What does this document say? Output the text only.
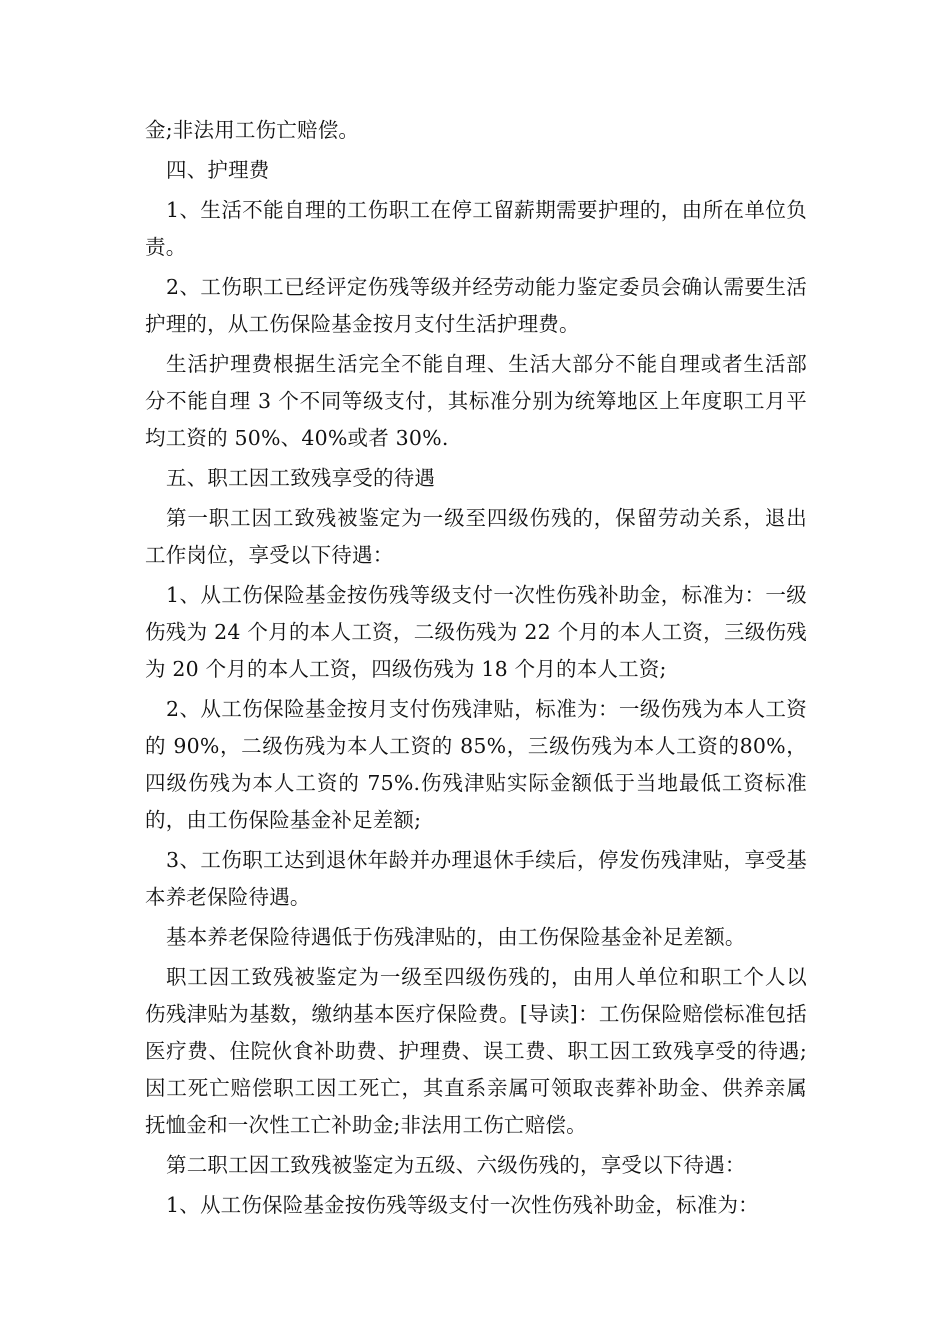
金;非法用工伤亡赔偿。

四、护理费

1、生活不能自理的工伤职工在停工留薪期需要护理的，由所在单位负责。

2、工伤职工已经评定伤残等级并经劳动能力鉴定委员会确认需要生活护理的，从工伤保险基金按月支付生活护理费。

生活护理费根据生活完全不能自理、生活大部分不能自理或者生活部分不能自理 3 个不同等级支付，其标准分别为统筹地区上年度职工月平均工资的 50%、40%或者 30%.

五、职工因工致残享受的待遇

第一职工因工致残被鉴定为一级至四级伤残的，保留劳动关系，退出工作岗位，享受以下待遇：

1、从工伤保险基金按伤残等级支付一次性伤残补助金，标准为：一级伤残为 24 个月的本人工资，二级伤残为 22 个月的本人工资，三级伤残为 20 个月的本人工资，四级伤残为 18 个月的本人工资;

2、从工伤保险基金按月支付伤残津贴，标准为：一级伤残为本人工资的 90%，二级伤残为本人工资的 85%，三级伤残为本人工资的80%，四级伤残为本人工资的 75%.伤残津贴实际金额低于当地最低工资标准的，由工伤保险基金补足差额;

3、工伤职工达到退休年龄并办理退休手续后，停发伤残津贴，享受基本养老保险待遇。

基本养老保险待遇低于伤残津贴的，由工伤保险基金补足差额。

职工因工致残被鉴定为一级至四级伤残的，由用人单位和职工个人以伤残津贴为基数，缴纳基本医疗保险费。[导读]：工伤保险赔偿标准包括医疗费、住院伙食补助费、护理费、误工费、职工因工致残享受的待遇;因工死亡赔偿职工因工死亡，其直系亲属可领取丧葬补助金、供养亲属抚恤金和一次性工亡补助金;非法用工伤亡赔偿。

第二职工因工致残被鉴定为五级、六级伤残的，享受以下待遇：

1、从工伤保险基金按伤残等级支付一次性伤残补助金，标准为：
